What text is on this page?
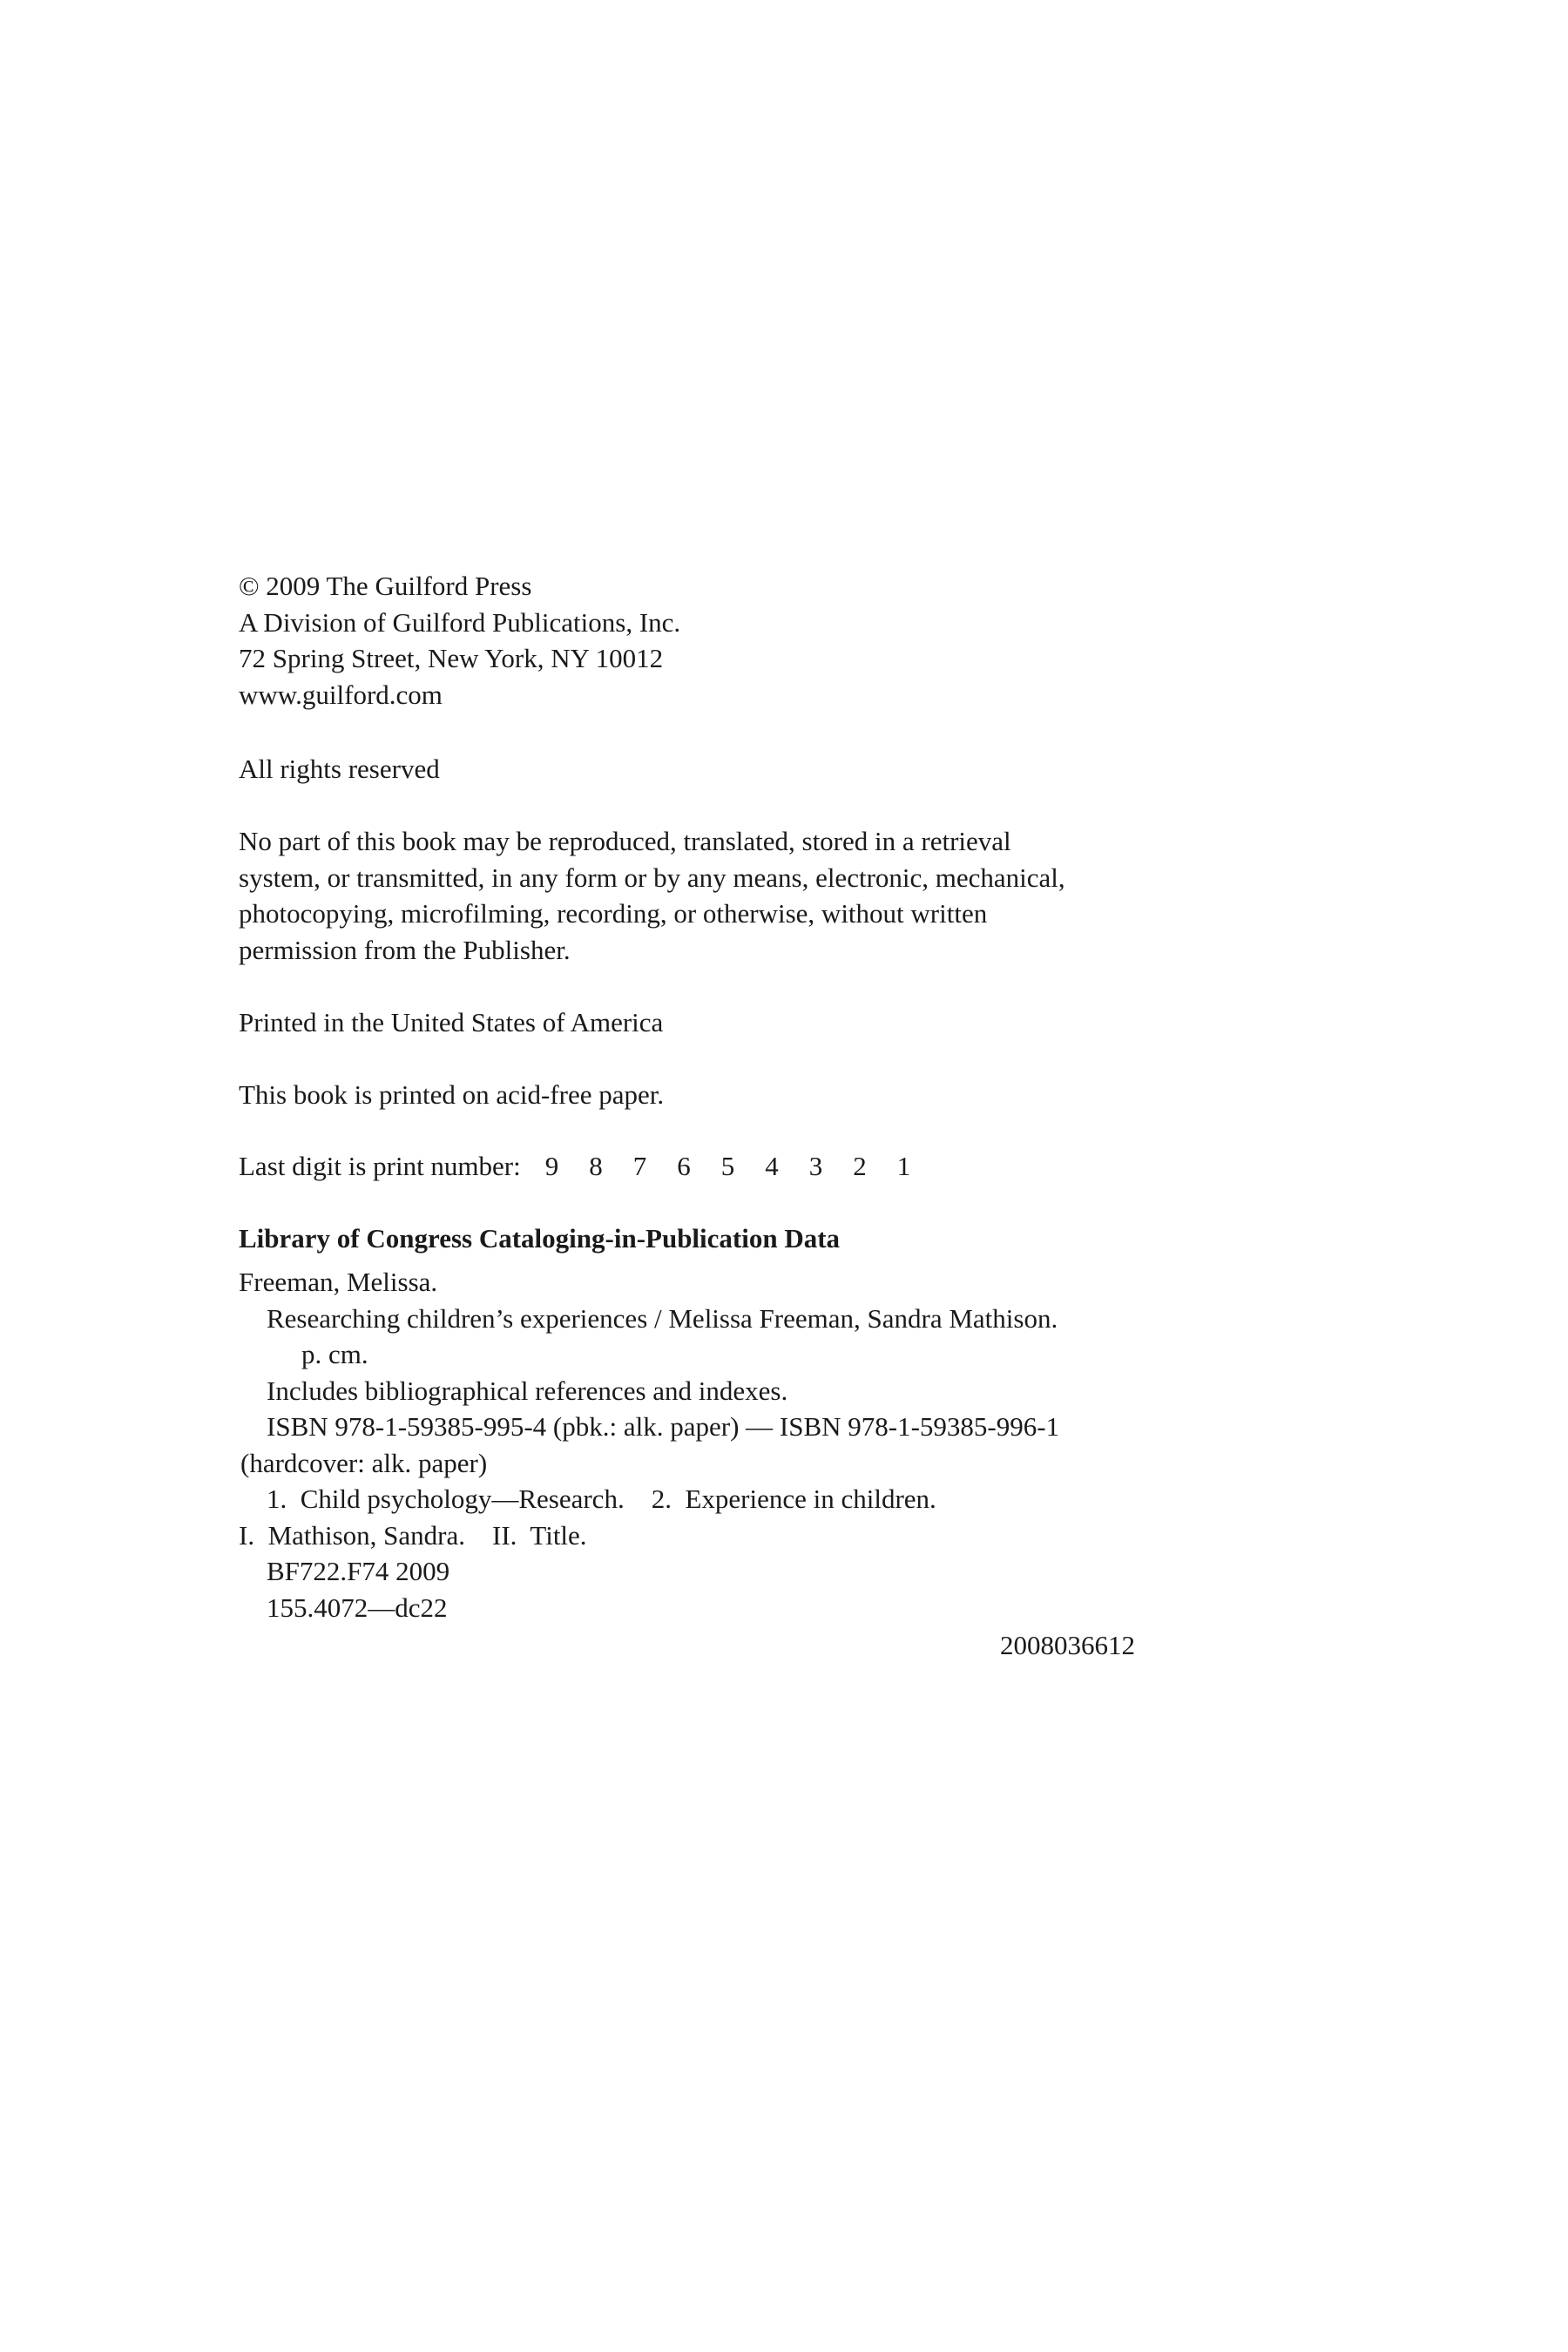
© 2009 The Guilford Press
A Division of Guilford Publications, Inc.
72 Spring Street, New York, NY 10012
www.guilford.com
All rights reserved
No part of this book may be reproduced, translated, stored in a retrieval
system, or transmitted, in any form or by any means, electronic, mechanical,
photocopying, microfilming, recording, or otherwise, without written
permission from the Publisher.
Printed in the United States of America
This book is printed on acid-free paper.
Last digit is print number: 9 8 7 6 5 4 3 2 1
Library of Congress Cataloging-in-Publication Data
Freeman, Melissa.
Researching children’s experiences / Melissa Freeman, Sandra Mathison.
p. cm.
Includes bibliographical references and indexes.
ISBN 978-1-59385-995-4 (pbk.: alk. paper) — ISBN 978-1-59385-996-1
(hardcover: alk. paper)
1.  Child psychology—Research.    2.  Experience in children.
I.  Mathison, Sandra.    II.  Title.
BF722.F74 2009
155.4072—dc22
2008036612
